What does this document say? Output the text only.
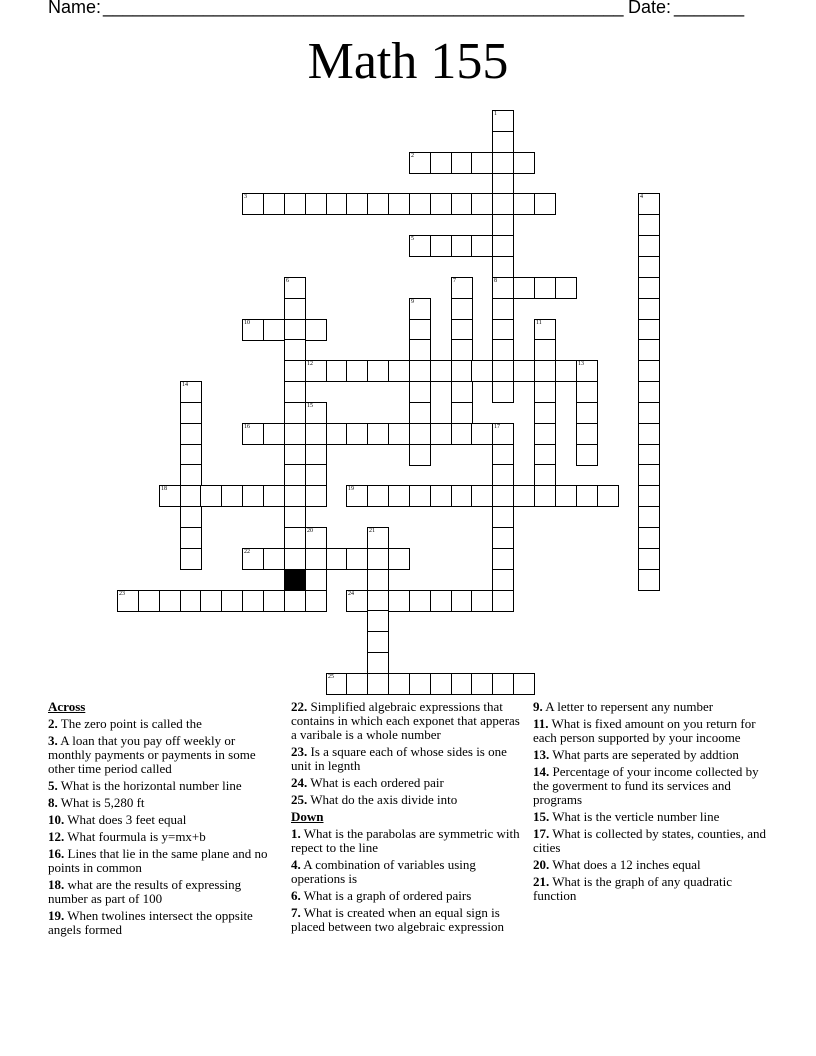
Name: ____________________________________________________ Date: _______
Math 155
1
8
2
3	4
5
6	7
9
10	11
12	13
14
15
16	17
18	19
20	21
22
23	24
25
Across
2. The zero point is called the
3. A loan that you pay off weekly or monthly payments or payments in some other time period called
5. What is the horizontal number line
8. What is 5,280 ft
10. What does 3 feet equal
12. What fourmula is y=mx+b
16. Lines that lie in the same plane and no points in common
18. what are the results of expressing number as part of 100
19. When twolines intersect the oppsite angels formed
22. Simplified algebraic expressions that contains in which each exponet that apperas a varibale is a whole number
23. Is a square each of whose sides is one unit in legnth
24. What is each ordered pair
25. What do the axis divide into
Down
1. What is the parabolas are symmetric with repect to the line
4. A combination of variables using operations is
6. What is a graph of ordered pairs
7. What is created when an equal sign is placed between two algebraic expression
9. A letter to repersent any number
11. What is fixed amount on you return for each person supported by your incoome
13. What parts are seperated by addtion
14. Percentage of your income collected by the goverment to fund its services and programs
15. What is the verticle number line
17. What is collected by states, counties, and cities
20. What does a 12 inches equal
21. What is the graph of any quadratic function
